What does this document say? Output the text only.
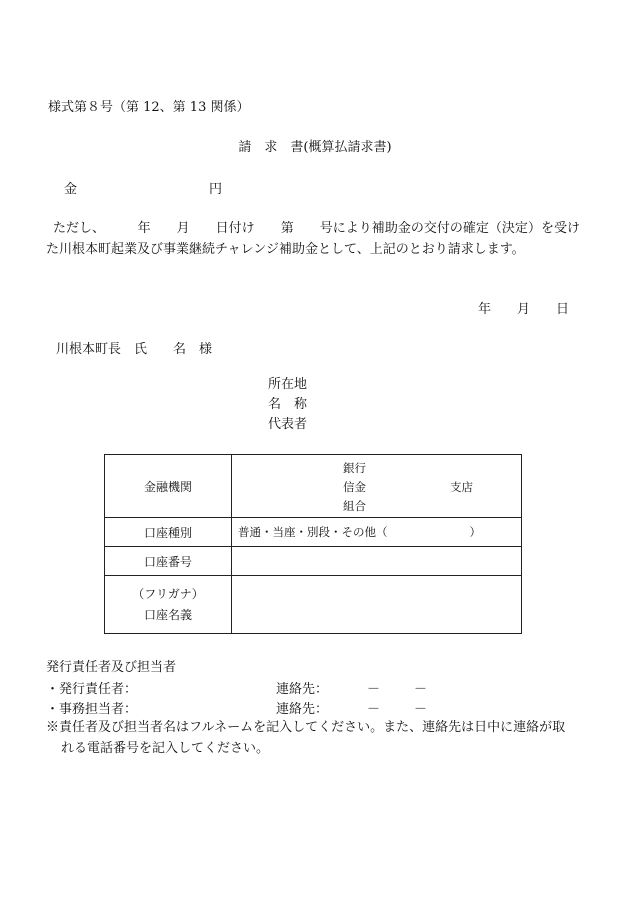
様式第８号（第 12、第 13 関係）
請　求　書(概算払請求書)
金	円
ただし、　　　年　　月　　日付け　　第　　号により補助金の交付の確定（決定）を受けた川根本町起業及び事業継続チャレンジ補助金として、上記のとおり請求します。
年　　月　　日
川根本町長　氏　　名　様
所在地
名　称
代表者
金融機関	銀行
信金
組合
支店

口座種別	普通・当座・別段・その他（ ）
口座番号	

（フリガナ）
口座名義	

発行責任者及び担当者
・発行責任者：	連絡先：	－	－
・事務担当者：	連絡先：	－	－
※責任者及び担当者名はフルネームを記入してください。また、連絡先は日中に連絡が取
れる電話番号を記入してください。
